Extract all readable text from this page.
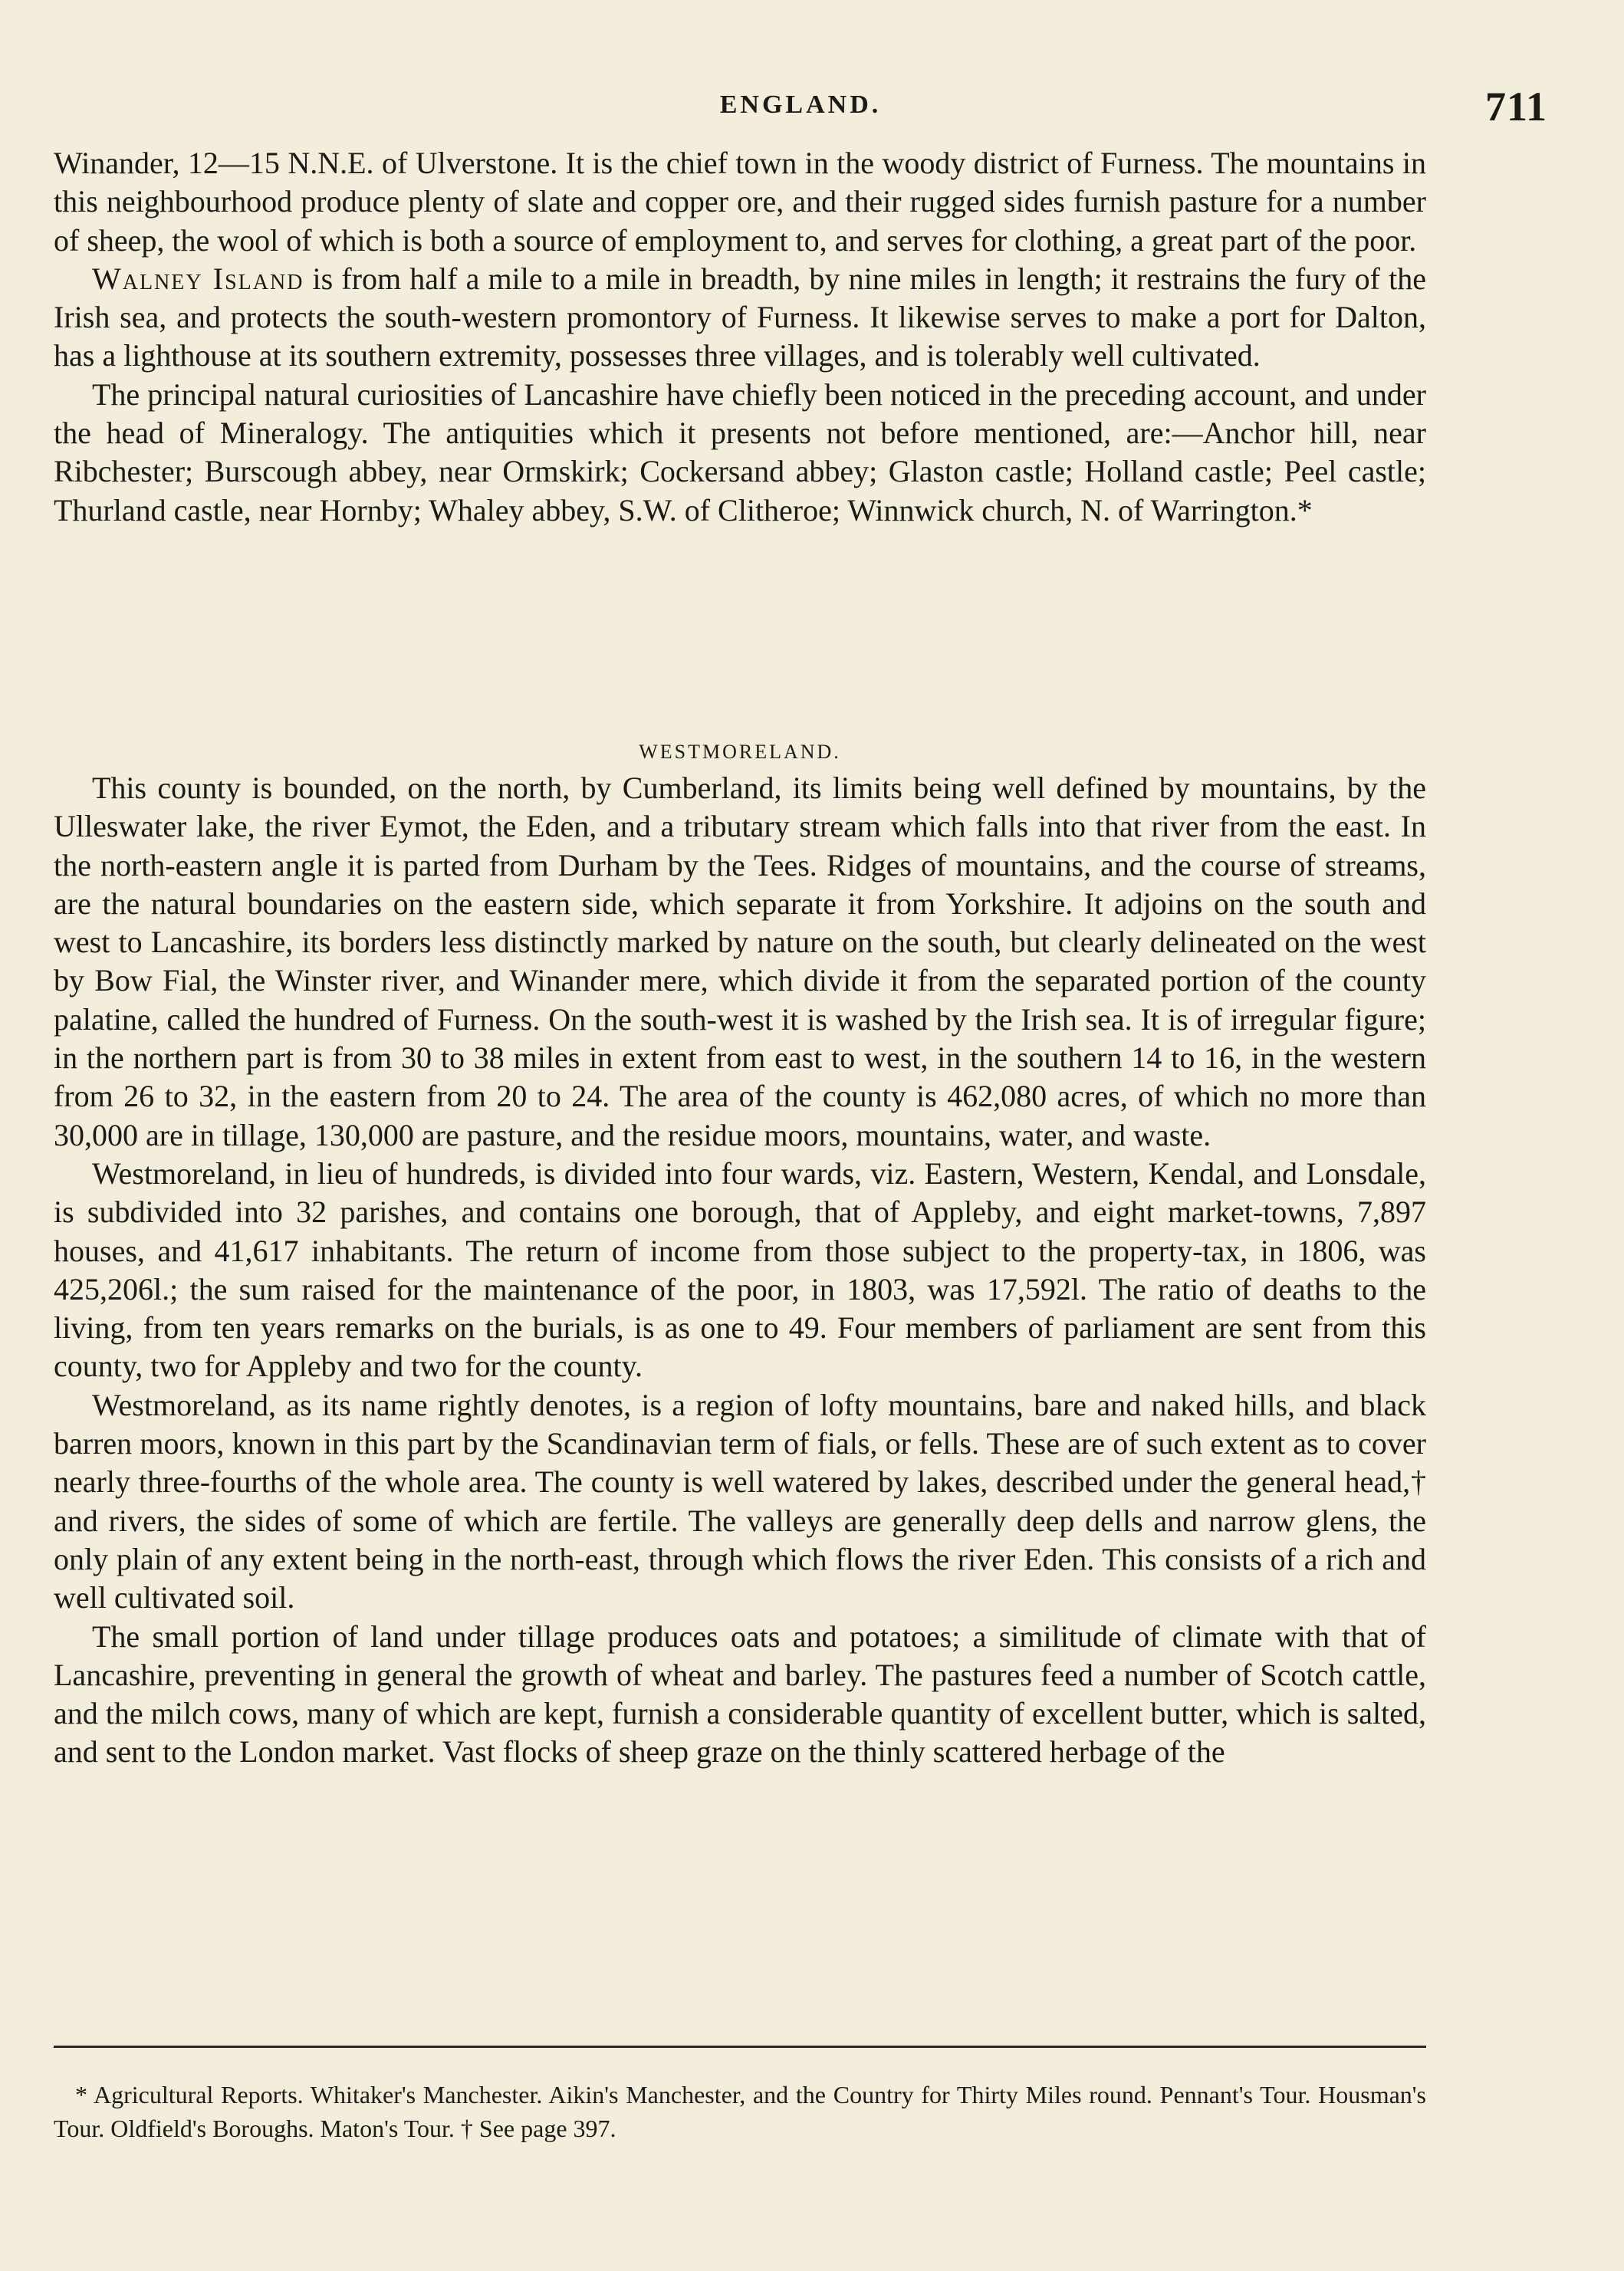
ENGLAND.	711

Winander, 12—15 N.N.E. of Ulverstone. It is the chief town in the woody district of Furness. The mountains in this neighbourhood produce plenty of slate and copper ore, and their rugged sides furnish pasture for a number of sheep, the wool of which is both a source of employment to, and serves for clothing, a great part of the poor.

Walney Island is from half a mile to a mile in breadth, by nine miles in length; it restrains the fury of the Irish sea, and protects the south-western promontory of Furness. It likewise serves to make a port for Dalton, has a lighthouse at its southern extremity, possesses three villages, and is tolerably well cultivated.

The principal natural curiosities of Lancashire have chiefly been noticed in the preceding account, and under the head of Mineralogy. The antiquities which it presents not before mentioned, are:—Anchor hill, near Ribchester; Burscough abbey, near Ormskirk; Cockersand abbey; Glaston castle; Holland castle; Peel castle; Thurland castle, near Hornby; Whaley abbey, S.W. of Clitheroe; Winnwick church, N. of Warrington.*

WESTMORELAND.

This county is bounded, on the north, by Cumberland, its limits being well defined by mountains, by the Ulleswater lake, the river Eymot, the Eden, and a tributary stream which falls into that river from the east. In the north-eastern angle it is parted from Durham by the Tees. Ridges of mountains, and the course of streams, are the natural boundaries on the eastern side, which separate it from Yorkshire. It adjoins on the south and west to Lancashire, its borders less distinctly marked by nature on the south, but clearly delineated on the west by Bow Fial, the Winster river, and Winander mere, which divide it from the separated portion of the county palatine, called the hundred of Furness. On the south-west it is washed by the Irish sea. It is of irregular figure; in the northern part is from 30 to 38 miles in extent from east to west, in the southern 14 to 16, in the western from 26 to 32, in the eastern from 20 to 24. The area of the county is 462,080 acres, of which no more than 30,000 are in tillage, 130,000 are pasture, and the residue moors, mountains, water, and waste.

Westmoreland, in lieu of hundreds, is divided into four wards, viz. Eastern, Western, Kendal, and Lonsdale, is subdivided into 32 parishes, and contains one borough, that of Appleby, and eight market-towns, 7,897 houses, and 41,617 inhabitants. The return of income from those subject to the property-tax, in 1806, was 425,206l.; the sum raised for the maintenance of the poor, in 1803, was 17,592l. The ratio of deaths to the living, from ten years remarks on the burials, is as one to 49. Four members of parliament are sent from this county, two for Appleby and two for the county.

Westmoreland, as its name rightly denotes, is a region of lofty mountains, bare and naked hills, and black barren moors, known in this part by the Scandinavian term of fials, or fells. These are of such extent as to cover nearly three-fourths of the whole area. The county is well watered by lakes, described under the general head,† and rivers, the sides of some of which are fertile. The valleys are generally deep dells and narrow glens, the only plain of any extent being in the north-east, through which flows the river Eden. This consists of a rich and well cultivated soil.

The small portion of land under tillage produces oats and potatoes; a similitude of climate with that of Lancashire, preventing in general the growth of wheat and barley. The pastures feed a number of Scotch cattle, and the milch cows, many of which are kept, furnish a considerable quantity of excellent butter, which is salted, and sent to the London market. Vast flocks of sheep graze on the thinly scattered herbage of the

* Agricultural Reports. Whitaker's Manchester. Aikin's Manchester, and the Country for Thirty Miles round. Pennant's Tour. Housman's Tour. Oldfield's Boroughs. Maton's Tour. † See page 397.
